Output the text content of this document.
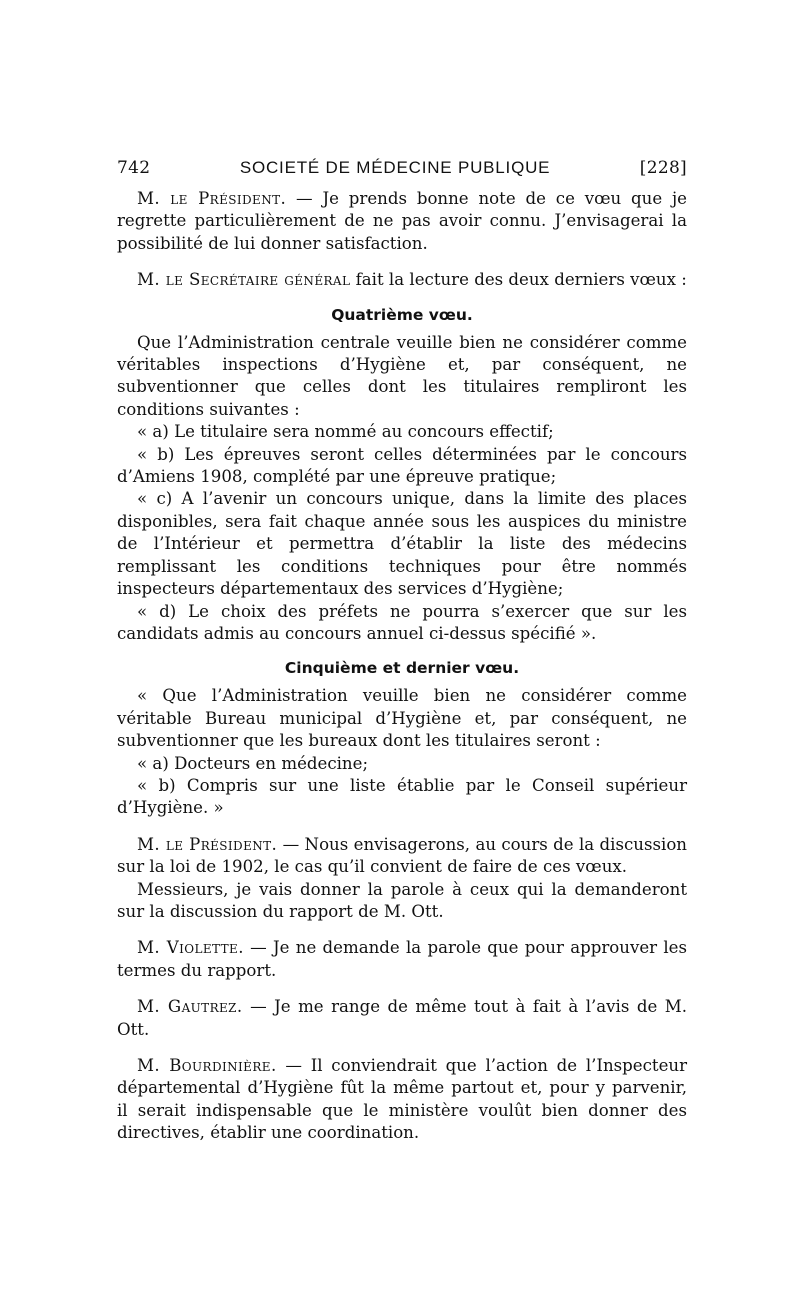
742	SOCIETÉ DE MÉDECINE PUBLIQUE	[228]

M. le Président. — Je prends bonne note de ce vœu que je regrette particulièrement de ne pas avoir connu. J’envisagerai la possibilité de lui donner satisfaction.

M. le Secrétaire général fait la lecture des deux derniers vœux :

Quatrième vœu.

Que l’Administration centrale veuille bien ne considérer comme véritables inspections d’Hygiène et, par conséquent, ne subventionner que celles dont les titulaires rempliront les conditions suivantes :

« a) Le titulaire sera nommé au concours effectif;

« b) Les épreuves seront celles déterminées par le concours d’Amiens 1908, complété par une épreuve pratique;

« c) A l’avenir un concours unique, dans la limite des places disponibles, sera fait chaque année sous les auspices du ministre de l’Intérieur et permettra d’établir la liste des médecins remplissant les conditions techniques pour être nommés inspecteurs départementaux des services d’Hygiène;

« d) Le choix des préfets ne pourra s’exercer que sur les candidats admis au concours annuel ci-dessus spécifié ».

Cinquième et dernier vœu.

« Que l’Administration veuille bien ne considérer comme véritable Bureau municipal d’Hygiène et, par conséquent, ne subventionner que les bureaux dont les titulaires seront :

« a) Docteurs en médecine;

« b) Compris sur une liste établie par le Conseil supérieur d’Hygiène. »

M. le Président. — Nous envisagerons, au cours de la discussion sur la loi de 1902, le cas qu’il convient de faire de ces vœux.

Messieurs, je vais donner la parole à ceux qui la demanderont sur la discussion du rapport de M. Ott.

M. Violette. — Je ne demande la parole que pour approuver les termes du rapport.

M. Gautrez. — Je me range de même tout à fait à l’avis de M. Ott.

M. Bourdinière. — Il conviendrait que l’action de l’Inspecteur départemental d’Hygiène fût la même partout et, pour y parvenir, il serait indispensable que le ministère voulût bien donner des directives, établir une coordination.
